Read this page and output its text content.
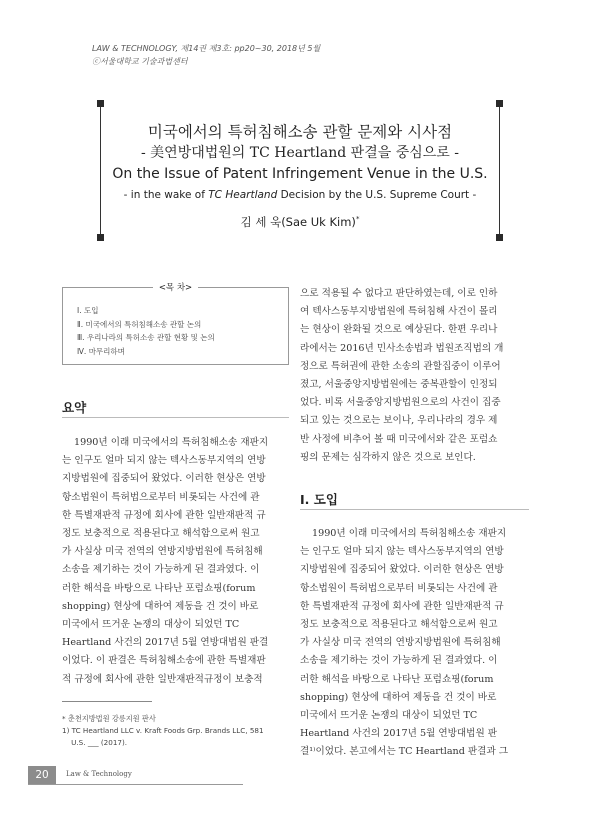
LAW & TECHNOLOGY, 제14권 제3호: pp20~30, 2018년 5월
ⓒ서울대학교 기술과법센터
미국에서의 특허침해소송 관할 문제와 시사점
- 美연방대법원의 TC Heartland 판결을 중심으로 -
On the Issue of Patent Infringement Venue in the U.S.
- in the wake of TC Heartland Decision by the U.S. Supreme Court -
김 세 욱(Sae Uk Kim)*
<목 차>
Ⅰ. 도입
Ⅱ. 미국에서의 특허침해소송 관할 논의
Ⅲ. 우리나라의 특허소송 관할 현황 및 논의
Ⅳ. 마무리하며
요약
1990년 이래 미국에서의 특허침해소송 재판지
는 인구도 얼마 되지 않는 텍사스동부지역의 연방
지방법원에 집중되어 왔었다. 이러한 현상은 연방
항소법원이 특허법으로부터 비롯되는 사건에 관
한 특별재판적 규정에 회사에 관한 일반재판적 규
정도 보충적으로 적용된다고 해석함으로써 원고
가 사실상 미국 전역의 연방지방법원에 특허침해
소송을 제기하는 것이 가능하게 된 결과였다. 이
러한 해석을 바탕으로 나타난 포럼쇼핑(forum
shopping) 현상에 대하여 제동을 건 것이 바로
미국에서 뜨거운 논쟁의 대상이 되었던 TC
Heartland 사건의 2017년 5월 연방대법원 판결
이었다. 이 판결은 특허침해소송에 관한 특별재판
적 규정에 회사에 관한 일반재판적규정이 보충적
으로 적용될 수 없다고 판단하였는데, 이로 인하
여 텍사스동부지방법원에 특허침해 사건이 몰리
는 현상이 완화될 것으로 예상된다. 한편 우리나
라에서는 2016년 민사소송법과 법원조직법의 개
정으로 특허권에 관한 소송의 관할집중이 이루어
졌고, 서울중앙지방법원에는 중복관할이 인정되
었다. 비록 서울중앙지방법원으로의 사건이 집중
되고 있는 것으로는 보이나, 우리나라의 경우 제
반 사정에 비추어 볼 때 미국에서와 같은 포럼쇼
핑의 문제는 심각하지 않은 것으로 보인다.
Ⅰ. 도입
1990년 이래 미국에서의 특허침해소송 재판지
는 인구도 얼마 되지 않는 텍사스동부지역의 연방
지방법원에 집중되어 왔었다. 이러한 현상은 연방
항소법원이 특허법으로부터 비롯되는 사건에 관
한 특별재판적 규정에 회사에 관한 일반재판적 규
정도 보충적으로 적용된다고 해석함으로써 원고
가 사실상 미국 전역의 연방지방법원에 특허침해
소송을 제기하는 것이 가능하게 된 결과였다. 이
러한 해석을 바탕으로 나타난 포럼쇼핑(forum
shopping) 현상에 대하여 제동을 건 것이 바로
미국에서 뜨거운 논쟁의 대상이 되었던 TC
Heartland 사건의 2017년 5월 연방대법원 판
결¹⁾이었다. 본고에서는 TC Heartland 판결과 그
* 춘천지방법원 강릉지원 판사
1) TC Heartland LLC v. Kraft Foods Grp. Brands LLC, 581
U.S. ___ (2017).
20	Law & Technology
